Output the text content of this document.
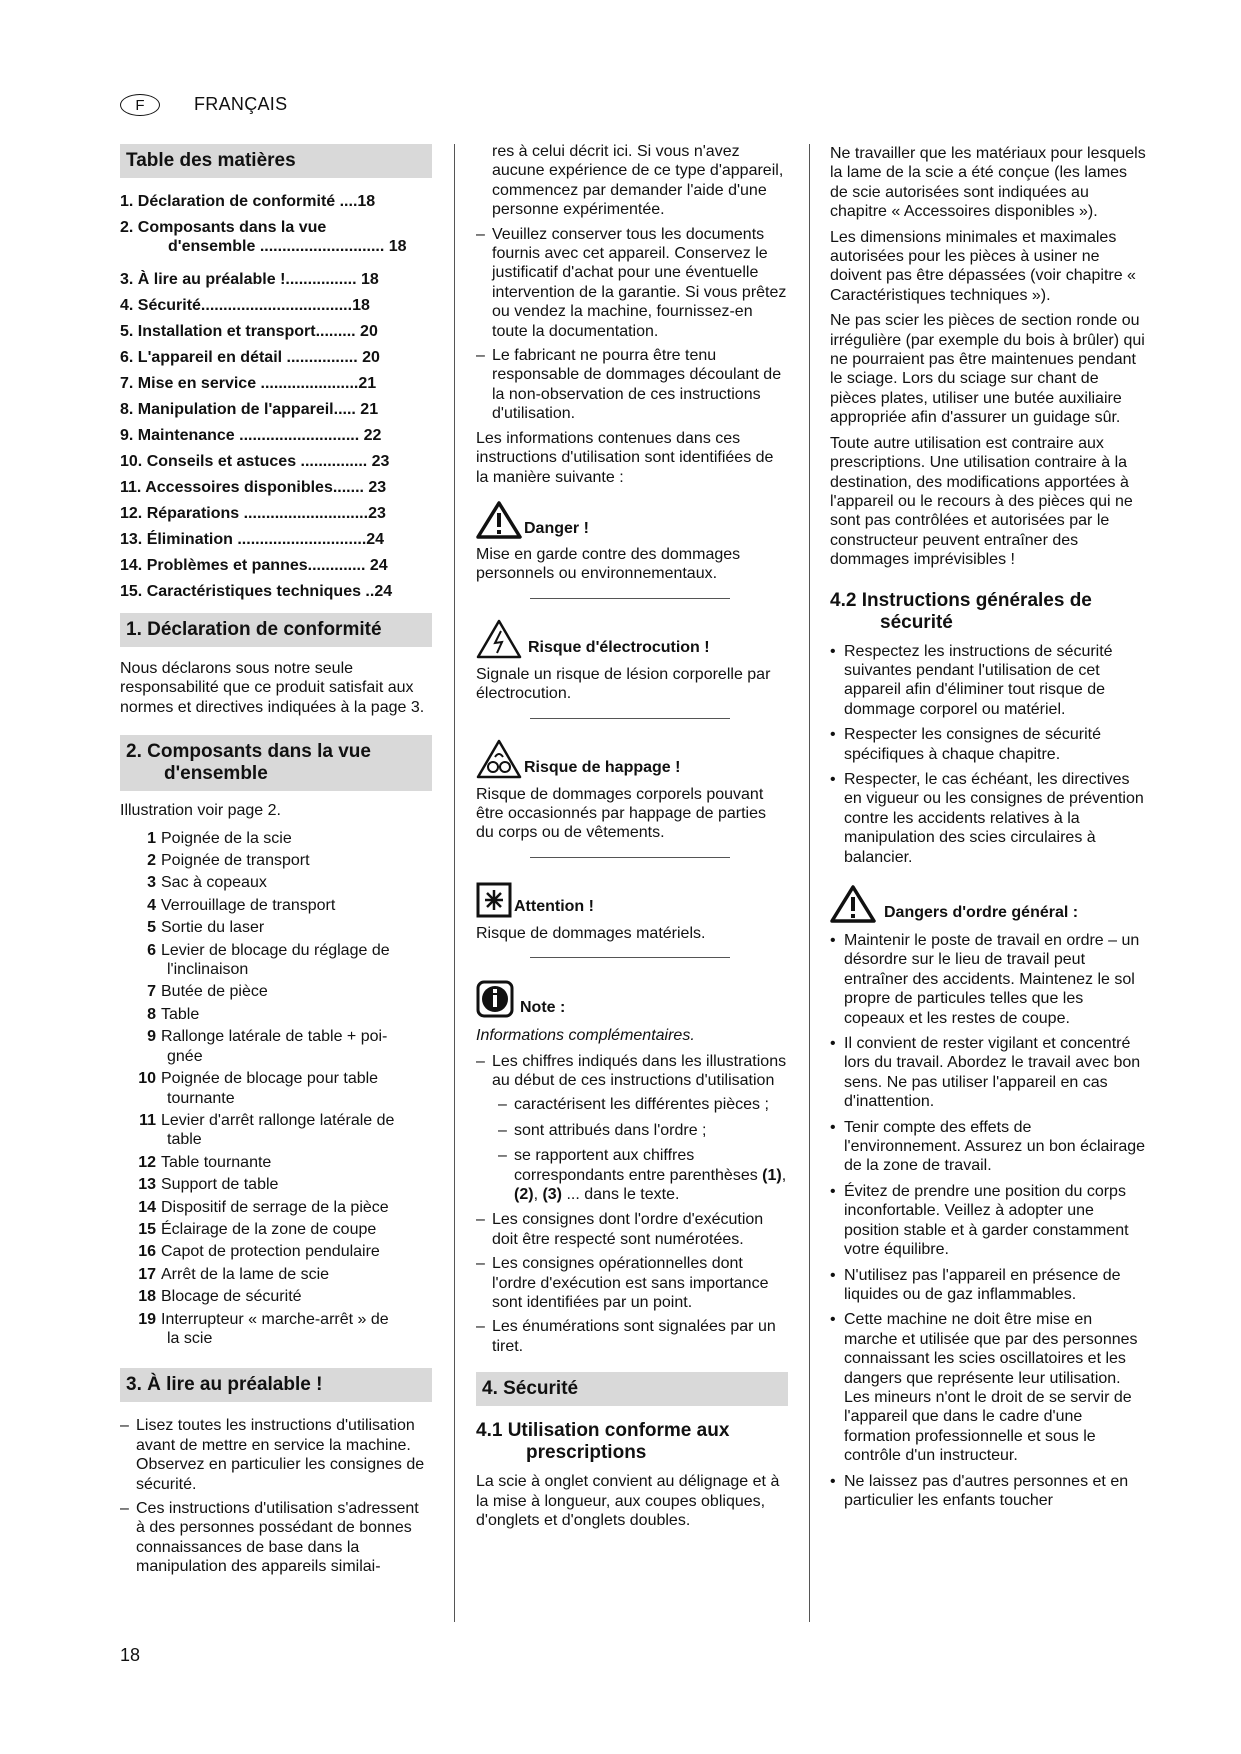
F	FRANÇAIS
Table des matières
1. Déclaration de conformité ....18
2. Composants dans la vue
d'ensemble ............................ 18
3. À lire au préalable !................ 18
4. Sécurité..................................18
5. Installation et transport......... 20
6. L'appareil en détail ................ 20
7. Mise en service ......................21
8. Manipulation de l'appareil..... 21
9. Maintenance ........................... 22
10. Conseils et astuces ............... 23
11. Accessoires disponibles....... 23
12. Réparations ............................23
13. Élimination .............................24
14. Problèmes et pannes............. 24
15. Caractéristiques techniques ..24
1. Déclaration de conformité

Nous déclarons sous notre seule responsabilité que ce produit satisfait aux normes et directives indiquées à la page 3.

2. Composants dans la vue
d'ensemble

Illustration voir page 2.

1 Poignée de la scie
2 Poignée de transport
3 Sac à copeaux
4 Verrouillage de transport
5 Sortie du laser
6 Levier de blocage du réglage de
l'inclinaison
7 Butée de pièce
8 Table
9 Rallonge latérale de table + poi-
gnée
10 Poignée de blocage pour table
tournante
11 Levier d'arrêt rallonge latérale de
table
12 Table tournante
13 Support de table
14 Dispositif de serrage de la pièce
15 Éclairage de la zone de coupe
16 Capot de protection pendulaire
17 Arrêt de la lame de scie
18 Blocage de sécurité
19 Interrupteur « marche-arrêt » de
la scie
3. À lire au préalable !
– Lisez toutes les instructions d'utilisation avant de mettre en service la machine. Observez en particulier les consignes de sécurité.
– Ces instructions d'utilisation s'adressent à des personnes possédant de bonnes connaissances de base dans la manipulation des appareils similai-
res à celui décrit ici. Si vous n'avez aucune expérience de ce type d'appareil, commencez par demander l'aide d'une personne expérimentée.
– Veuillez conserver tous les documents fournis avec cet appareil. Conservez le justificatif d'achat pour une éventuelle intervention de la garantie. Si vous prêtez ou vendez la machine, fournissez-en toute la documentation.
– Le fabricant ne pourra être tenu responsable de dommages découlant de la non-observation de ces instructions d'utilisation.

Les informations contenues dans ces instructions d'utilisation sont identifiées de la manière suivante :

Danger !

Mise en garde contre des dommages personnels ou environnementaux.

Risque d'électrocution !

Signale un risque de lésion corporelle par électrocution.

Risque de happage !

Risque de dommages corporels pouvant être occasionnés par happage de parties du corps ou de vêtements.

Attention !

Risque de dommages matériels.

Note :

Informations complémentaires.

– Les chiffres indiqués dans les illustrations au début de ces instructions d'utilisation
– caractérisent les différentes pièces ;
– sont attribués dans l'ordre ;
– se rapportent aux chiffres correspondants entre parenthèses (1), (2), (3) ... dans le texte.
– Les consignes dont l'ordre d'exécution doit être respecté sont numérotées.
– Les consignes opérationnelles dont l'ordre d'exécution est sans importance sont identifiées par un point.
– Les énumérations sont signalées par un tiret.
4. Sécurité
4.1 Utilisation conforme aux
prescriptions

La scie à onglet convient au délignage et à la mise à longueur, aux coupes obliques, d'onglets et d'onglets doubles.

Ne travailler que les matériaux pour lesquels la lame de la scie a été conçue (les lames de scie autorisées sont indiquées au chapitre « Accessoires disponibles »).

Les dimensions minimales et maximales autorisées pour les pièces à usiner ne doivent pas être dépassées (voir chapitre « Caractéristiques techniques »).

Ne pas scier les pièces de section ronde ou irrégulière (par exemple du bois à brûler) qui ne pourraient pas être maintenues pendant le sciage. Lors du sciage sur chant de pièces plates, utiliser une butée auxiliaire appropriée afin d'assurer un guidage sûr.

Toute autre utilisation est contraire aux prescriptions. Une utilisation contraire à la destination, des modifications apportées à l'appareil ou le recours à des pièces qui ne sont pas contrôlées et autorisées par le constructeur peuvent entraîner des dommages imprévisibles !

4.2 Instructions générales de
sécurité
• Respectez les instructions de sécurité suivantes pendant l'utilisation de cet appareil afin d'éliminer tout risque de dommage corporel ou matériel.
• Respecter les consignes de sécurité spécifiques à chaque chapitre.
• Respecter, le cas échéant, les directives en vigueur ou les consignes de prévention contre les accidents relatives à la manipulation des scies circulaires à balancier.
Dangers d'ordre général :
• Maintenir le poste de travail en ordre – un désordre sur le lieu de travail peut entraîner des accidents. Maintenez le sol propre de particules telles que les copeaux et les restes de coupe.
• Il convient de rester vigilant et concentré lors du travail. Abordez le travail avec bon sens. Ne pas utiliser l'appareil en cas d'inattention.
• Tenir compte des effets de l'environnement. Assurez un bon éclairage de la zone de travail.
• Évitez de prendre une position du corps inconfortable. Veillez à adopter une position stable et à garder constamment votre équilibre.
• N'utilisez pas l'appareil en présence de liquides ou de gaz inflammables.
• Cette machine ne doit être mise en marche et utilisée que par des personnes connaissant les scies oscillatoires et les dangers que représente leur utilisation.
Les mineurs n'ont le droit de se servir de l'appareil que dans le cadre d'une formation professionnelle et sous le contrôle d'un instructeur.
• Ne laissez pas d'autres personnes et en particulier les enfants toucher
18
